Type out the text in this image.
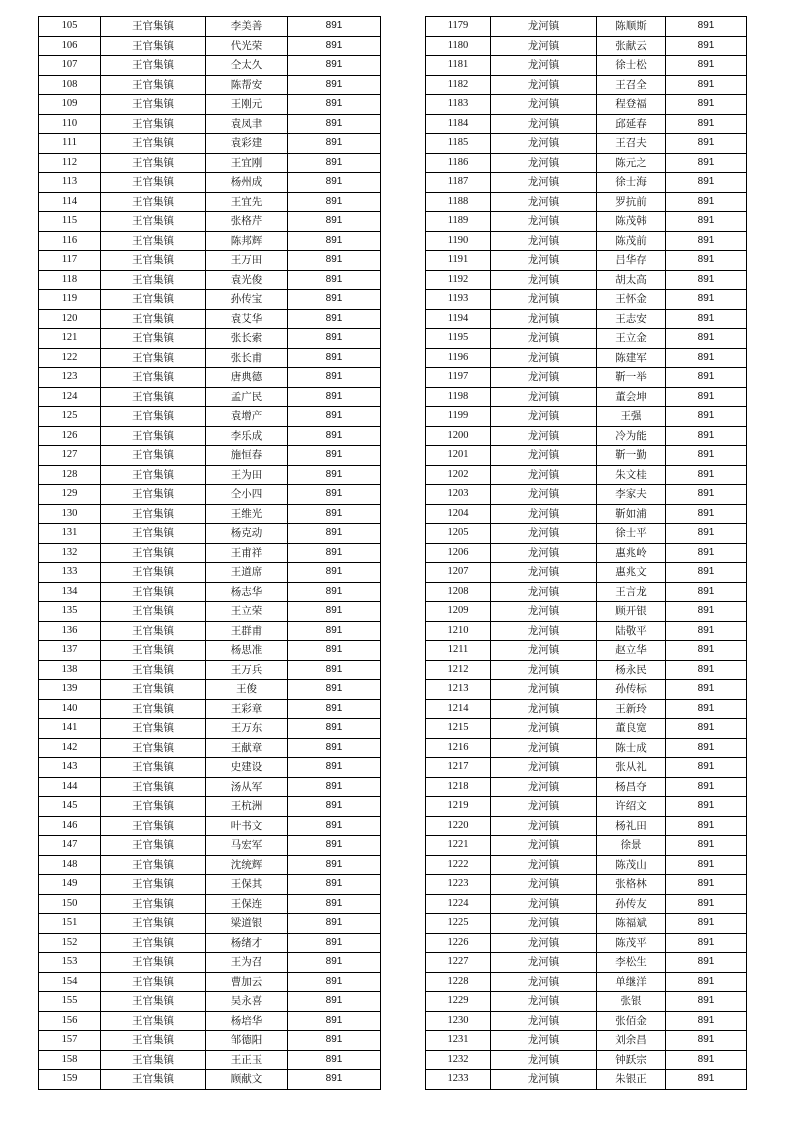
105	王官集镇	李美善	891
106	王官集镇	代光荣	891
107	王官集镇	仝太久	891
108	王官集镇	陈帮安	891
109	王官集镇	王刚元	891
110	王官集镇	袁凤聿	891
111	王官集镇	袁彩建	891
112	王官集镇	王宜刚	891
113	王官集镇	杨州成	891
114	王官集镇	王宜先	891
115	王官集镇	张格芹	891
116	王官集镇	陈邦辉	891
117	王官集镇	王万田	891
118	王官集镇	袁光俊	891
119	王官集镇	孙传宝	891
120	王官集镇	袁艾华	891
121	王官集镇	张长索	891
122	王官集镇	张长甫	891
123	王官集镇	唐典德	891
124	王官集镇	孟广民	891
125	王官集镇	袁增产	891
126	王官集镇	李乐成	891
127	王官集镇	施恒春	891
128	王官集镇	王为田	891
129	王官集镇	仝小四	891
130	王官集镇	王维光	891
131	王官集镇	杨克动	891
132	王官集镇	王甫祥	891
133	王官集镇	王道席	891
134	王官集镇	杨志华	891
135	王官集镇	王立荣	891
136	王官集镇	王群甫	891
137	王官集镇	杨思准	891
138	王官集镇	王万兵	891
139	王官集镇	王俊	891
140	王官集镇	王彩章	891
141	王官集镇	王万东	891
142	王官集镇	王献章	891
143	王官集镇	史建设	891
144	王官集镇	汤从军	891
145	王官集镇	王杭洲	891
146	王官集镇	叶书文	891
147	王官集镇	马宏军	891
148	王官集镇	沈统辉	891
149	王官集镇	王保其	891
150	王官集镇	王保连	891
151	王官集镇	梁道银	891
152	王官集镇	杨绪才	891
153	王官集镇	王为召	891
154	王官集镇	曹加云	891
155	王官集镇	吴永喜	891
156	王官集镇	杨培华	891
157	王官集镇	邹德阳	891
158	王官集镇	王正玉	891
159	王官集镇	顾献文	891
1179	龙河镇	陈顺斯	891
1180	龙河镇	张献云	891
1181	龙河镇	徐士松	891
1182	龙河镇	王召全	891
1183	龙河镇	程登福	891
1184	龙河镇	邱延春	891
1185	龙河镇	王召夫	891
1186	龙河镇	陈元之	891
1187	龙河镇	徐士海	891
1188	龙河镇	罗抗前	891
1189	龙河镇	陈茂韩	891
1190	龙河镇	陈茂前	891
1191	龙河镇	吕华存	891
1192	龙河镇	胡太高	891
1193	龙河镇	王怀金	891
1194	龙河镇	王志安	891
1195	龙河镇	王立金	891
1196	龙河镇	陈建军	891
1197	龙河镇	靳一举	891
1198	龙河镇	董会坤	891
1199	龙河镇	王强	891
1200	龙河镇	冷为能	891
1201	龙河镇	靳一勤	891
1202	龙河镇	朱文桂	891
1203	龙河镇	李家夫	891
1204	龙河镇	靳如浦	891
1205	龙河镇	徐士平	891
1206	龙河镇	惠兆岭	891
1207	龙河镇	惠兆文	891
1208	龙河镇	王言龙	891
1209	龙河镇	顾开银	891
1210	龙河镇	陆敬平	891
1211	龙河镇	赵立华	891
1212	龙河镇	杨永民	891
1213	龙河镇	孙传标	891
1214	龙河镇	王新玲	891
1215	龙河镇	董良宽	891
1216	龙河镇	陈士成	891
1217	龙河镇	张从礼	891
1218	龙河镇	杨昌夺	891
1219	龙河镇	许绍文	891
1220	龙河镇	杨礼田	891
1221	龙河镇	徐景	891
1222	龙河镇	陈茂山	891
1223	龙河镇	张格林	891
1224	龙河镇	孙传友	891
1225	龙河镇	陈福斌	891
1226	龙河镇	陈茂平	891
1227	龙河镇	李松生	891
1228	龙河镇	单继洋	891
1229	龙河镇	张银	891
1230	龙河镇	张佰金	891
1231	龙河镇	刘余昌	891
1232	龙河镇	钟跃宗	891
1233	龙河镇	朱银正	891
